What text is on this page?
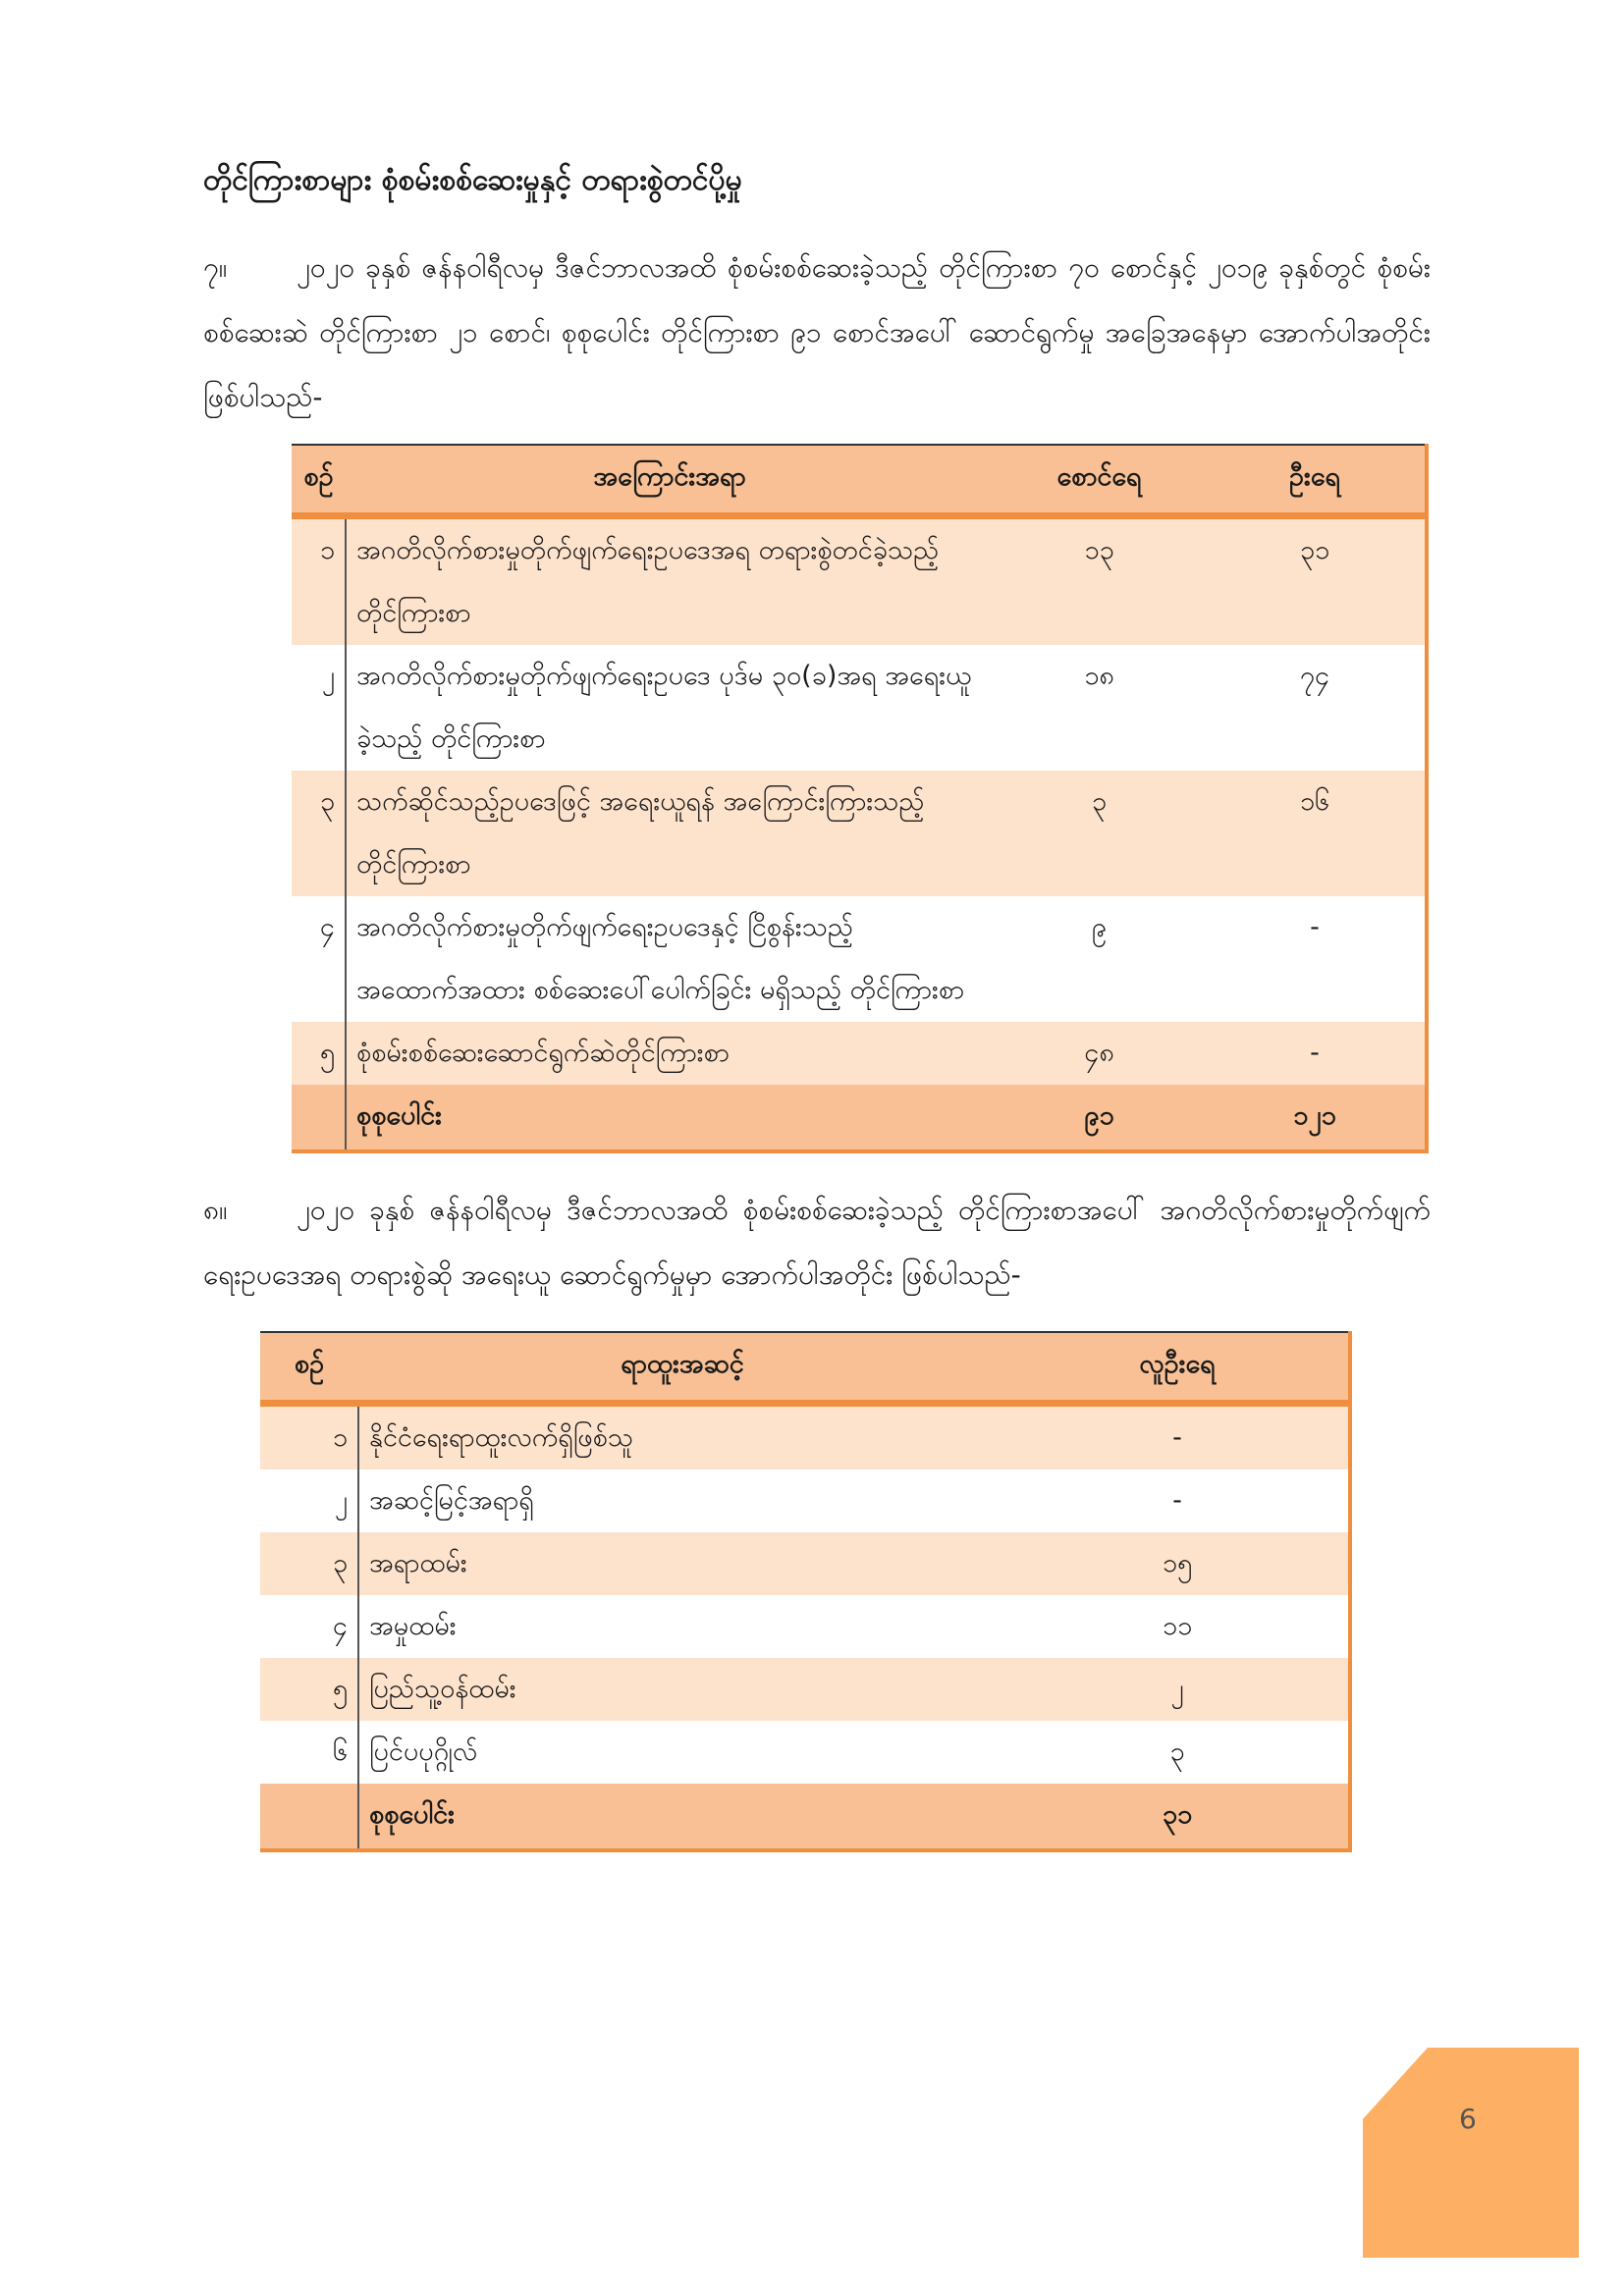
တိုင်ကြားစာများ စုံစမ်းစစ်ဆေးမှုနှင့် တရားစွဲတင်ပို့မှု
၇။	၂၀၂၀ ခုနှစ် ဇန်နဝါရီလမှ ဒီဇင်ဘာလအထိ စုံစမ်းစစ်ဆေးခဲ့သည့် တိုင်ကြားစာ ၇၀ စောင်နှင့် ၂၀၁၉ ခုနှစ်တွင် စုံစမ်းစစ်ဆေးဆဲ တိုင်ကြားစာ ၂၁ စောင်၊ စုစုပေါင်း တိုင်ကြားစာ ၉၁ စောင်အပေါ် ဆောင်ရွက်မှု အခြေအနေမှာ အောက်ပါအတိုင်း ဖြစ်ပါသည်-
စဉ်	အကြောင်းအရာ	စောင်ရေ	ဦးရေ
၁	အဂတိလိုက်စားမှုတိုက်ဖျက်ရေးဥပဒေအရ တရားစွဲတင်ခဲ့သည့် တိုင်ကြားစာ	၁၃	၃၁
၂	အဂတိလိုက်စားမှုတိုက်ဖျက်ရေးဥပဒေ ပုဒ်မ ၃၀(ခ)အရ အရေးယူခဲ့သည့် တိုင်ကြားစာ	၁၈	၇၄
၃	သက်ဆိုင်သည့်ဥပဒေဖြင့် အရေးယူရန် အကြောင်းကြားသည့် တိုင်ကြားစာ	၃	၁၆
၄	အဂတိလိုက်စားမှုတိုက်ဖျက်ရေးဥပဒေနှင့် ငြိစွန်းသည့် အထောက်အထား စစ်ဆေးပေါ်ပေါက်ခြင်း မရှိသည့် တိုင်ကြားစာ	၉	-
၅	စုံစမ်းစစ်ဆေးဆောင်ရွက်ဆဲတိုင်ကြားစာ	၄၈	-
	စုစုပေါင်း	၉၁	၁၂၁
၈။	၂၀၂၀ ခုနှစ် ဇန်နဝါရီလမှ ဒီဇင်ဘာလအထိ စုံစမ်းစစ်ဆေးခဲ့သည့် တိုင်ကြားစာအပေါ် အဂတိလိုက်စားမှုတိုက်ဖျက်ရေးဥပဒေအရ တရားစွဲဆို အရေးယူ ဆောင်ရွက်မှုမှာ အောက်ပါအတိုင်း ဖြစ်ပါသည်-
စဉ်	ရာထူးအဆင့်	လူဦးရေ
၁	နိုင်ငံရေးရာထူးလက်ရှိဖြစ်သူ	-
၂	အဆင့်မြင့်အရာရှိ	-
၃	အရာထမ်း	၁၅
၄	အမှုထမ်း	၁၁
၅	ပြည်သူ့ဝန်ထမ်း	၂
၆	ပြင်ပပုဂ္ဂိုလ်	၃
	စုစုပေါင်း	၃၁
6
